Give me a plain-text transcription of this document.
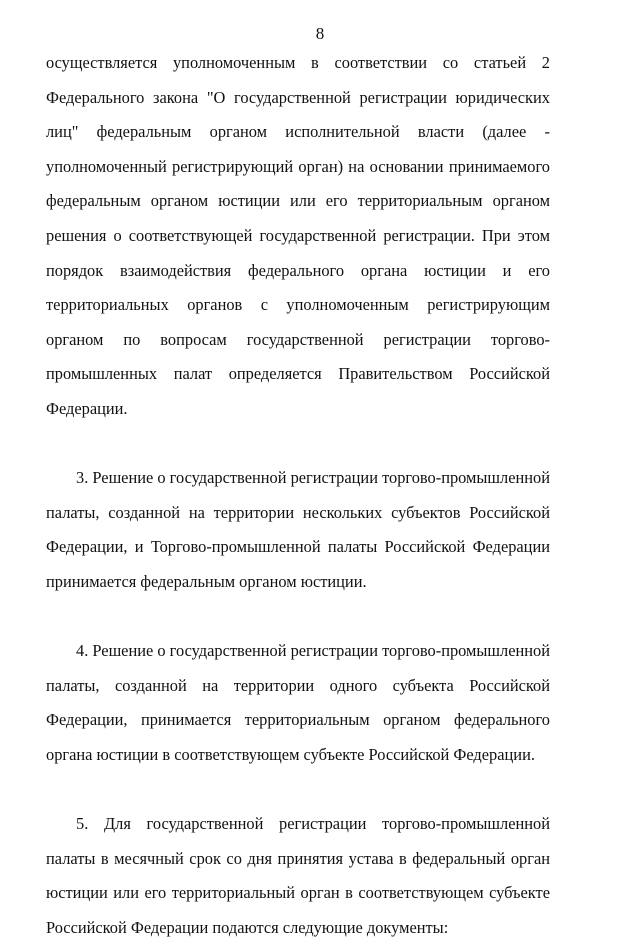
8

осуществляется уполномоченным в соответствии со статьей 2 Федерального закона "О государственной регистрации юридических лиц" федеральным органом исполнительной власти (далее - уполномоченный регистрирующий орган) на основании принимаемого федеральным органом юстиции или его территориальным органом решения о соответствующей государственной регистрации. При этом порядок взаимодействия федерального органа юстиции и его территориальных органов с уполномоченным регистрирующим органом по вопросам государственной регистрации торгово-промышленных палат определяется Правительством Российской Федерации.

3. Решение о государственной регистрации торгово-промышленной палаты, созданной на территории нескольких субъектов Российской Федерации, и Торгово-промышленной палаты Российской Федерации принимается федеральным органом юстиции.

4. Решение о государственной регистрации торгово-промышленной палаты, созданной на территории одного субъекта Российской Федерации, принимается территориальным органом федерального органа юстиции в соответствующем субъекте Российской Федерации.

5. Для государственной регистрации торгово-промышленной палаты в месячный срок со дня принятия устава в федеральный орган юстиции или его территориальный орган в соответствующем субъекте Российской Федерации подаются следующие документы:
